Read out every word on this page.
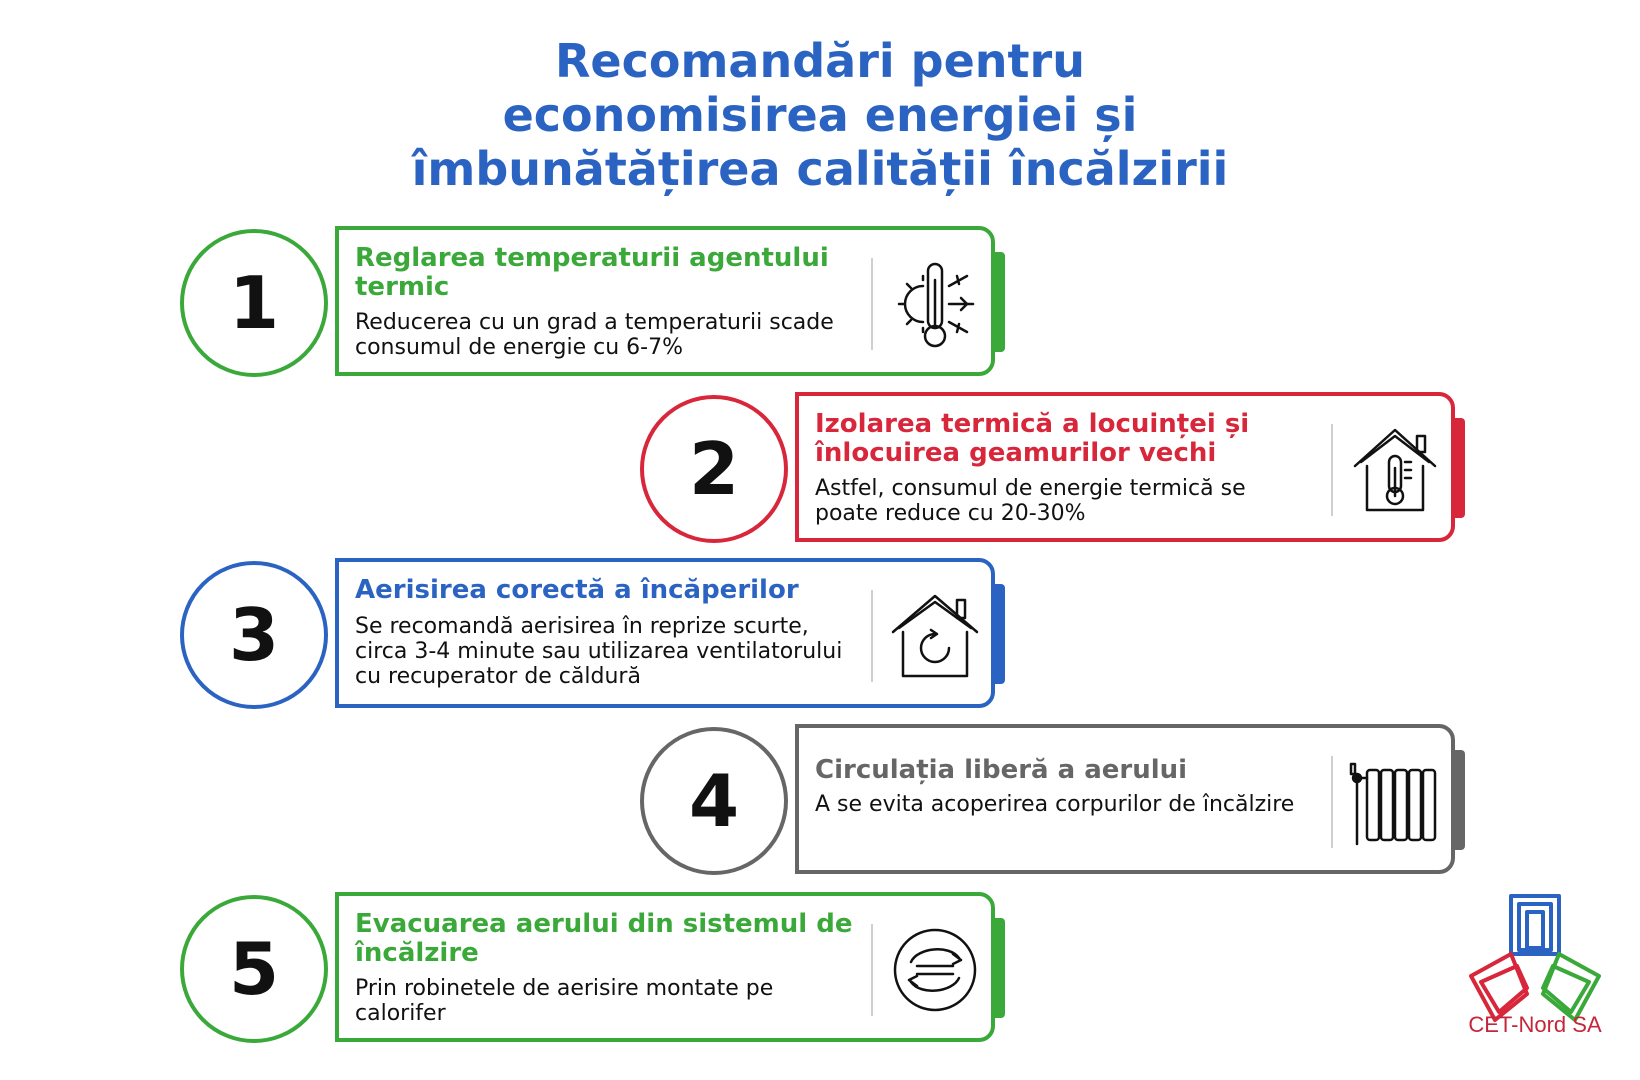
Recomandări pentru
economisirea energiei și
îmbunătățirea calității încălzirii
1
Reglarea temperaturii agentului termic

Reducerea cu un grad a temperaturii scade consumul de energie cu 6-7%

2
Izolarea termică a locuinței și înlocuirea geamurilor vechi

Astfel, consumul de energie termică se poate reduce cu 20-30%

3
Aerisirea corectă a încăperilor

Se recomandă aerisirea în reprize scurte, circa 3-4 minute sau utilizarea ventilatorului cu recuperator de căldură

4	Circulația liberă a aerului

A se evita acoperirea corpurilor de încălzire

5
Evacuarea aerului din sistemul de încălzire

Prin robinetele de aerisire montate pe calorifer	CET-Nord SA
